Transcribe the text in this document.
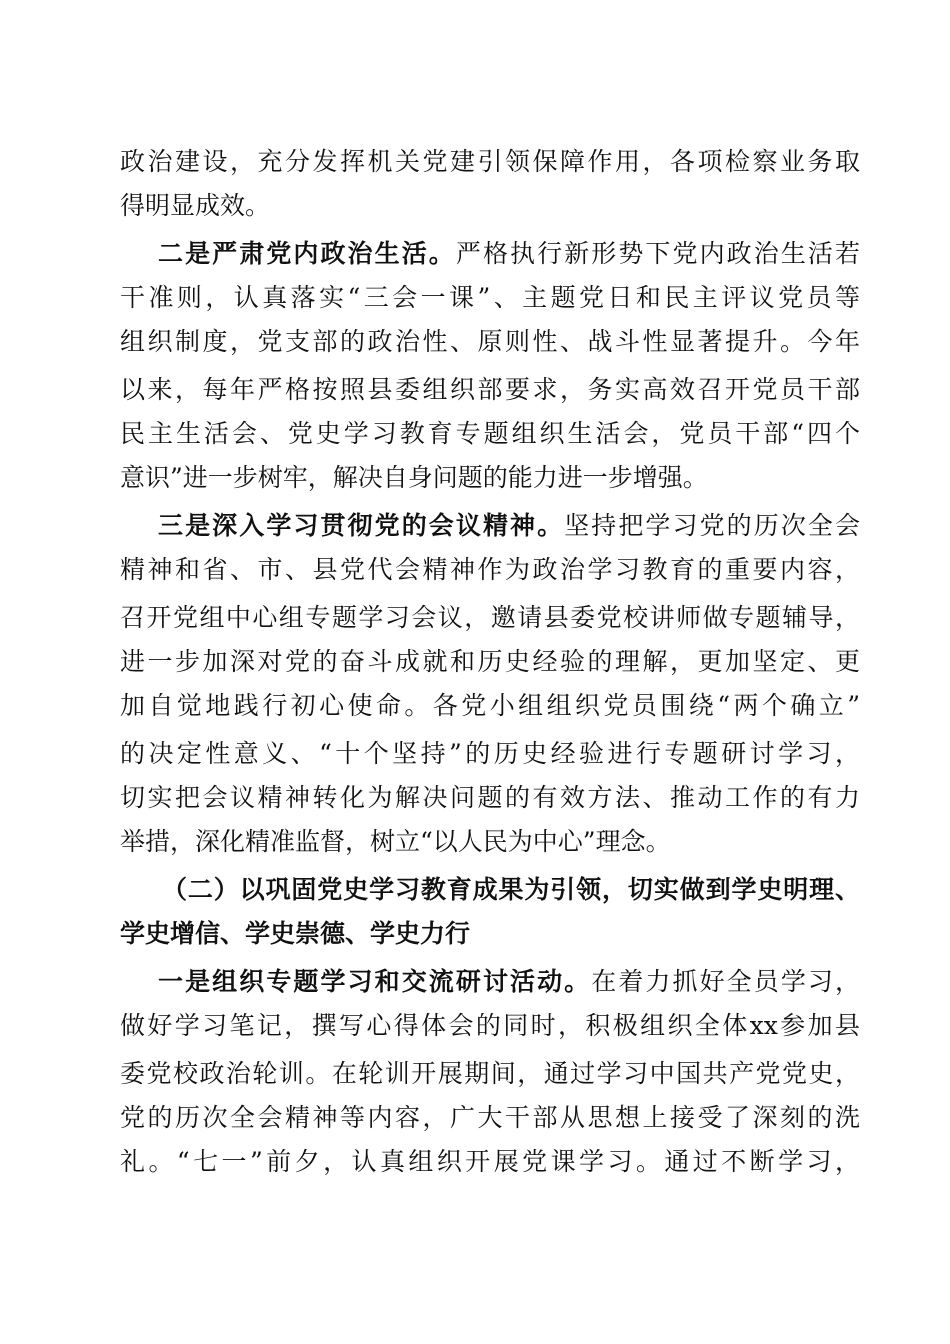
政治建设，充分发挥机关党建引领保障作用，各项检察业务取

得明显成效。

二是严肃党内政治生活。严格执行新形势下党内政治生活若

干准则，认真落实“三会一课”、主题党日和民主评议党员等

组织制度，党支部的政治性、原则性、战斗性显著提升。今年

以来，每年严格按照县委组织部要求，务实高效召开党员干部

民主生活会、党史学习教育专题组织生活会，党员干部“四个

意识”进一步树牢，解决自身问题的能力进一步增强。

三是深入学习贯彻党的会议精神。坚持把学习党的历次全会

精神和省、市、县党代会精神作为政治学习教育的重要内容，

召开党组中心组专题学习会议，邀请县委党校讲师做专题辅导，

进一步加深对党的奋斗成就和历史经验的理解，更加坚定、更

加自觉地践行初心使命。各党小组组织党员围绕“两个确立”

的决定性意义、“十个坚持”的历史经验进行专题研讨学习，

切实把会议精神转化为解决问题的有效方法、推动工作的有力

举措，深化精准监督，树立“以人民为中心”理念。

（二）以巩固党史学习教育成果为引领，切实做到学史明理、

学史增信、学史崇德、学史力行

一是组织专题学习和交流研讨活动。在着力抓好全员学习，

做好学习笔记，撰写心得体会的同时，积极组织全体xx参加县

委党校政治轮训。在轮训开展期间，通过学习中国共产党党史，

党的历次全会精神等内容，广大干部从思想上接受了深刻的洗

礼。“七一”前夕，认真组织开展党课学习。通过不断学习，
